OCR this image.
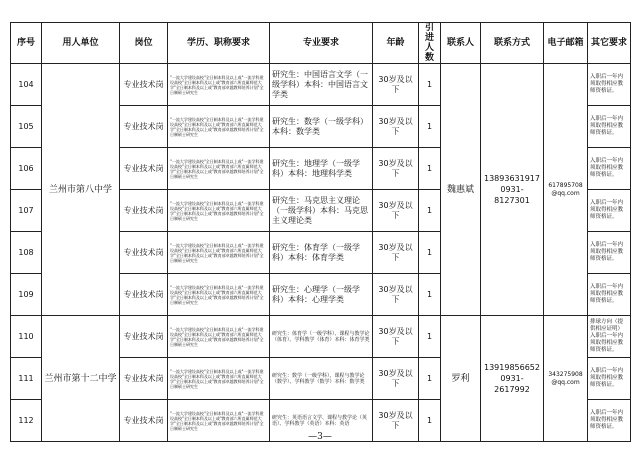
序号	用人单位	岗位	学历、职称要求	专业要求	年龄	引进人数	联系人	联系方式	电子邮箱	其它要求
104	兰州市第八中学	专业技术岗	"一流大学建设高校"全日制本科及以上或"一流学科建设高校"全日制本科及以上或"教育部六所直属师范大学"全日制本科及以上或"教育部卓越教师培养计划"全日制硕士研究生	研究生：中国语言文学（一级学科）本科：中国语言文学类	30岁及以下	1	魏惠斌	13893631917 0931-8127301	617895708@qq.com	入职后一年内须取得相应教师资格证。
105		专业技术岗	"一流大学建设高校"全日制本科及以上或"一流学科建设高校"全日制本科及以上或"教育部六所直属师范大学"全日制本科及以上或"教育部卓越教师培养计划"全日制硕士研究生	研究生：数学（一级学科）本科：数学类	30岁及以下	1				入职后一年内须取得相应教师资格证。
106		专业技术岗	"一流大学建设高校"全日制本科及以上或"一流学科建设高校"全日制本科及以上或"教育部六所直属师范大学"全日制本科及以上或"教育部卓越教师培养计划"全日制硕士研究生	研究生：地理学（一级学科）本科：地理科学类	30岁及以下	1				入职后一年内须取得相应教师资格证。
107		专业技术岗	"一流大学建设高校"全日制本科及以上或"一流学科建设高校"全日制本科及以上或"教育部六所直属师范大学"全日制本科及以上或"教育部卓越教师培养计划"全日制硕士研究生	研究生：马克思主义理论（一级学科）本科：马克思主义理论类	30岁及以下	1				入职后一年内须取得相应教师资格证。
108		专业技术岗	"一流大学建设高校"全日制本科及以上或"一流学科建设高校"全日制本科及以上或"教育部六所直属师范大学"全日制本科及以上或"教育部卓越教师培养计划"全日制硕士研究生	研究生：体育学（一级学科）本科：体育学类	30岁及以下	1				入职后一年内须取得相应教师资格证。
109		专业技术岗	"一流大学建设高校"全日制本科及以上或"一流学科建设高校"全日制本科及以上或"教育部六所直属师范大学"全日制本科及以上或"教育部卓越教师培养计划"全日制硕士研究生	研究生：心理学（一级学科）本科：心理学类	30岁及以下	1				入职后一年内须取得相应教师资格证。
110	兰州市第十二中学	专业技术岗	"一流大学建设高校"全日制本科及以上或"一流学科建设高校"全日制本科及以上或"教育部六所直属师范大学"全日制本科及以上或"教育部卓越教师培养计划"全日制硕士研究生	研究生：体育学（一级学科）、课程与教学论（体育）、学科教学（体育）本科：体育学类	30岁及以下	1	罗利	13919856652 0931-2617992	343275908@qq.com	排球方向（提供相应证明）入职后一年内须取得相应教师资格证。
111		专业技术岗	"一流大学建设高校"全日制本科及以上或"一流学科建设高校"全日制本科及以上或"教育部六所直属师范大学"全日制本科及以上或"教育部卓越教师培养计划"全日制硕士研究生	研究生：数学（一级学科）、课程与教学论（数学）、学科教学（数学）本科：数学类	30岁及以下	1				入职后一年内须取得相应教师资格证。
112		专业技术岗	"一流大学建设高校"全日制本科及以上或"一流学科建设高校"全日制本科及以上或"教育部六所直属师范大学"全日制本科及以上或"教育部卓越教师培养计划"全日制硕士研究生	研究生：英语语言文学、课程与教学论（英语）、学科教学（英语）本科：英语	30岁及以下	1				入职后一年内须取得相应教师资格证。
—3—
